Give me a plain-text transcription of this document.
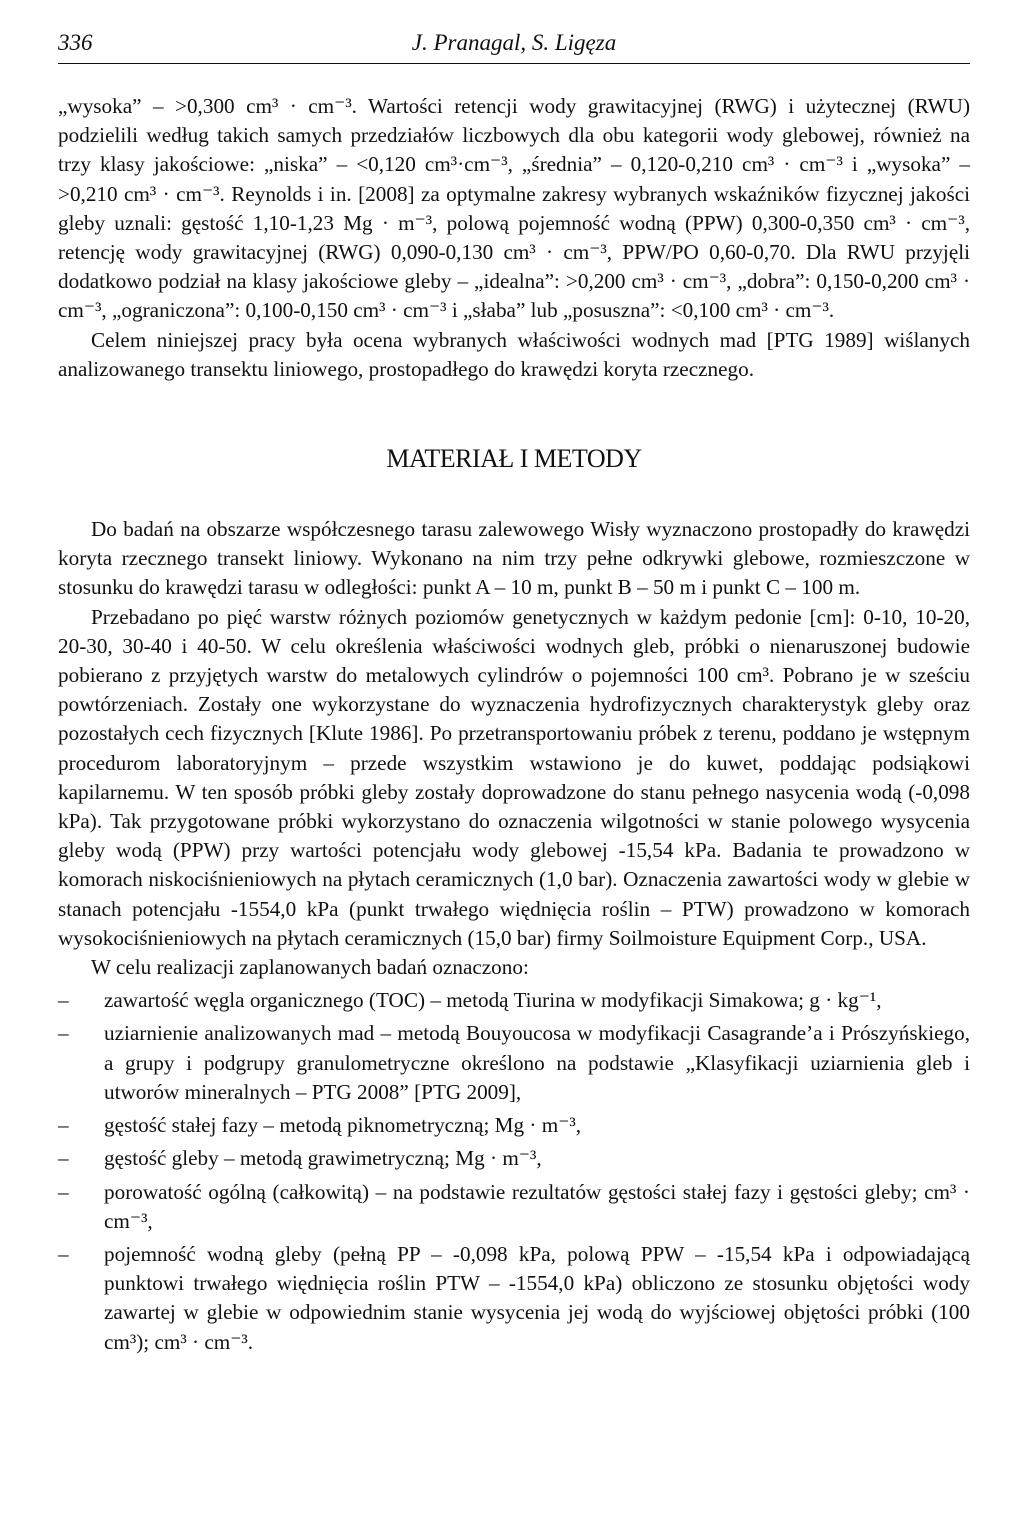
336	J. Pranagal, S. Ligęza

„wysoka” – >0,300 cm³ · cm⁻³. Wartości retencji wody grawitacyjnej (RWG) i użytecznej (RWU) podzielili według takich samych przedziałów liczbowych dla obu kategorii wody glebowej, również na trzy klasy jakościowe: „niska” – <0,120 cm³·cm⁻³, „średnia” – 0,120-0,210 cm³ · cm⁻³ i „wysoka” – >0,210 cm³ · cm⁻³. Reynolds i in. [2008] za optymalne zakresy wybranych wskaźników fizycznej jakości gleby uznali: gęstość 1,10-1,23 Mg · m⁻³, polową pojemność wodną (PPW) 0,300-0,350 cm³ · cm⁻³, retencję wody grawitacyjnej (RWG) 0,090-0,130 cm³ · cm⁻³, PPW/PO 0,60-0,70. Dla RWU przyjęli dodatkowo podział na klasy jakościowe gleby – „idealna”: >0,200 cm³ · cm⁻³, „dobra”: 0,150-0,200 cm³ · cm⁻³, „ograniczona”: 0,100-0,150 cm³ · cm⁻³ i „słaba” lub „posuszna”: <0,100 cm³ · cm⁻³.

Celem niniejszej pracy była ocena wybranych właściwości wodnych mad [PTG 1989] wiślanych analizowanego transektu liniowego, prostopadłego do krawędzi koryta rzecznego.

MATERIAŁ I METODY

Do badań na obszarze współczesnego tarasu zalewowego Wisły wyznaczono prostopadły do krawędzi koryta rzecznego transekt liniowy. Wykonano na nim trzy pełne odkrywki glebowe, rozmieszczone w stosunku do krawędzi tarasu w odległości: punkt A – 10 m, punkt B – 50 m i punkt C – 100 m.

Przebadano po pięć warstw różnych poziomów genetycznych w każdym pedonie [cm]: 0-10, 10-20, 20-30, 30-40 i 40-50. W celu określenia właściwości wodnych gleb, próbki o nienaruszonej budowie pobierano z przyjętych warstw do metalowych cylindrów o pojemności 100 cm³. Pobrano je w sześciu powtórzeniach. Zostały one wykorzystane do wyznaczenia hydrofizycznych charakterystyk gleby oraz pozostałych cech fizycznych [Klute 1986]. Po przetransportowaniu próbek z terenu, poddano je wstępnym procedurom laboratoryjnym – przede wszystkim wstawiono je do kuwet, poddając podsiąkowi kapilarnemu. W ten sposób próbki gleby zostały doprowadzone do stanu pełnego nasycenia wodą (-0,098 kPa). Tak przygotowane próbki wykorzystano do oznaczenia wilgotności w stanie polowego wysycenia gleby wodą (PPW) przy wartości potencjału wody glebowej -15,54 kPa. Badania te prowadzono w komorach niskociśnieniowych na płytach ceramicznych (1,0 bar). Oznaczenia zawartości wody w glebie w stanach potencjału -1554,0 kPa (punkt trwałego więdnięcia roślin – PTW) prowadzono w komorach wysokociśnieniowych na płytach ceramicznych (15,0 bar) firmy Soilmoisture Equipment Corp., USA.

W celu realizacji zaplanowanych badań oznaczono:

– zawartość węgla organicznego (TOC) – metodą Tiurina w modyfikacji Simakowa; g · kg⁻¹,
– uziarnienie analizowanych mad – metodą Bouyoucosa w modyfikacji Casagrande’a i Prószyńskiego, a grupy i podgrupy granulometryczne określono na podstawie „Klasyfikacji uziarnienia gleb i utworów mineralnych – PTG 2008” [PTG 2009],
– gęstość stałej fazy – metodą piknometryczną; Mg · m⁻³,
– gęstość gleby – metodą grawimetryczną; Mg · m⁻³,
– porowatość ogólną (całkowitą) – na podstawie rezultatów gęstości stałej fazy i gęstości gleby; cm³ · cm⁻³,
– pojemność wodną gleby (pełną PP – -0,098 kPa, polową PPW – -15,54 kPa i odpowiadającą punktowi trwałego więdnięcia roślin PTW – -1554,0 kPa) obliczono ze stosunku objętości wody zawartej w glebie w odpowiednim stanie wysycenia jej wodą do wyjściowej objętości próbki (100 cm³); cm³ · cm⁻³.
